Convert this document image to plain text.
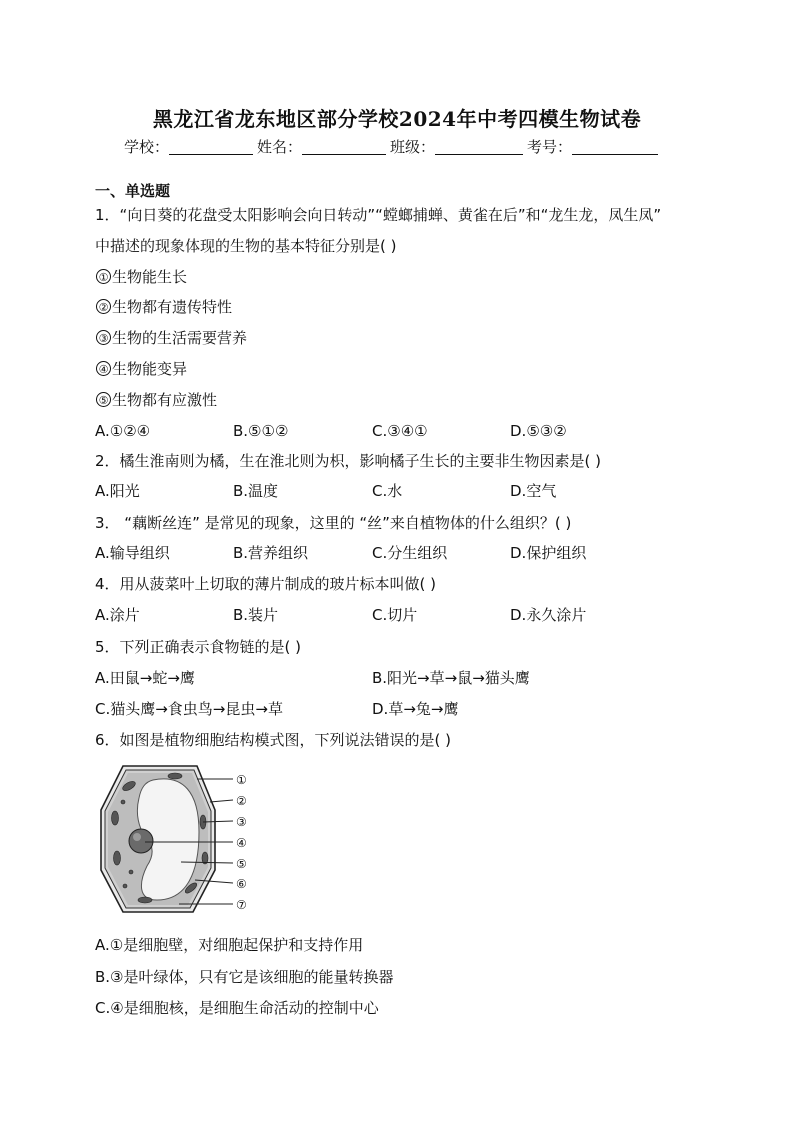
黑龙江省龙东地区部分学校2024年中考四模生物试卷
学校：	姓名：	班级：	考号：
一、单选题
1．“向日葵的花盘受太阳影响会向日转动”“螳螂捕蝉、黄雀在后”和“龙生龙，凤生凤”
中描述的现象体现的生物的基本特征分别是( )
① 生物能生长
② 生物都有遗传特性
③ 生物的生活需要营养
④ 生物能变异
⑤ 生物都有应激性
A.①②④	B.⑤①②	C.③④①	D.⑤③②
2．橘生淮南则为橘，生在淮北则为枳，影响橘子生长的主要非生物因素是( )
A.阳光	B.温度	C.水	D.空气
3． “藕断丝连” 是常见的现象，这里的 “丝”来自植物体的什么组织？( )
A.输导组织	B.营养组织	C.分生组织	D.保护组织
4．用从菠菜叶上切取的薄片制成的玻片标本叫做( )
A.涂片	B.装片	C.切片	D.永久涂片
5．下列正确表示食物链的是( )
A.田鼠→蛇→鹰	B.阳光→草→鼠→猫头鹰
C.猫头鹰→食虫鸟→昆虫→草	D.草→兔→鹰
6．如图是植物细胞结构模式图，下列说法错误的是( )
①
②
③
④
⑤
⑥
⑦
A.①是细胞壁，对细胞起保护和支持作用
B.③是叶绿体，只有它是该细胞的能量转换器
C.④是细胞核，是细胞生命活动的控制中心
